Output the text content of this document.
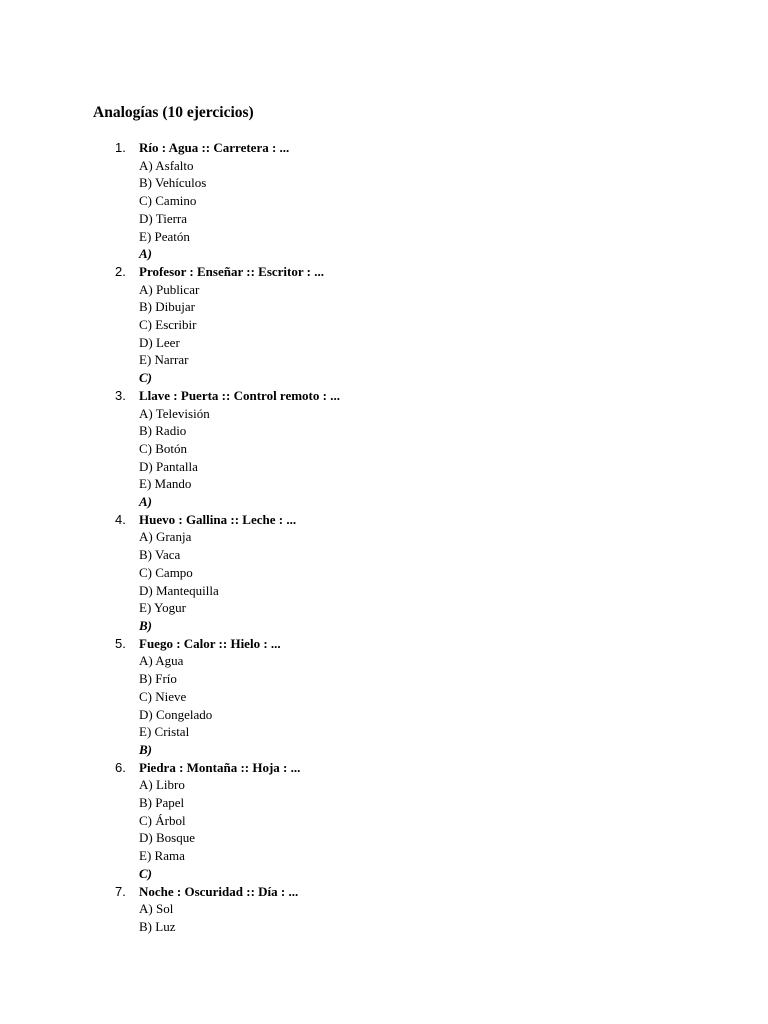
Analogías (10 ejercicios)
1.	Río : Agua :: Carretera : ...
A) Asfalto
B) Vehículos
C) Camino
D) Tierra
E) Peatón
A)
2.	Profesor : Enseñar :: Escritor : ...
A) Publicar
B) Dibujar
C) Escribir
D) Leer
E) Narrar
C)
3.	Llave : Puerta :: Control remoto : ...
A) Televisión
B) Radio
C) Botón
D) Pantalla
E) Mando
A)
4.	Huevo : Gallina :: Leche : ...
A) Granja
B) Vaca
C) Campo
D) Mantequilla
E) Yogur
B)
5.	Fuego : Calor :: Hielo : ...
A) Agua
B) Frío
C) Nieve
D) Congelado
E) Cristal
B)
6.	Piedra : Montaña :: Hoja : ...
A) Libro
B) Papel
C) Árbol
D) Bosque
E) Rama
C)
7.	Noche : Oscuridad :: Día : ...
A) Sol
B) Luz
